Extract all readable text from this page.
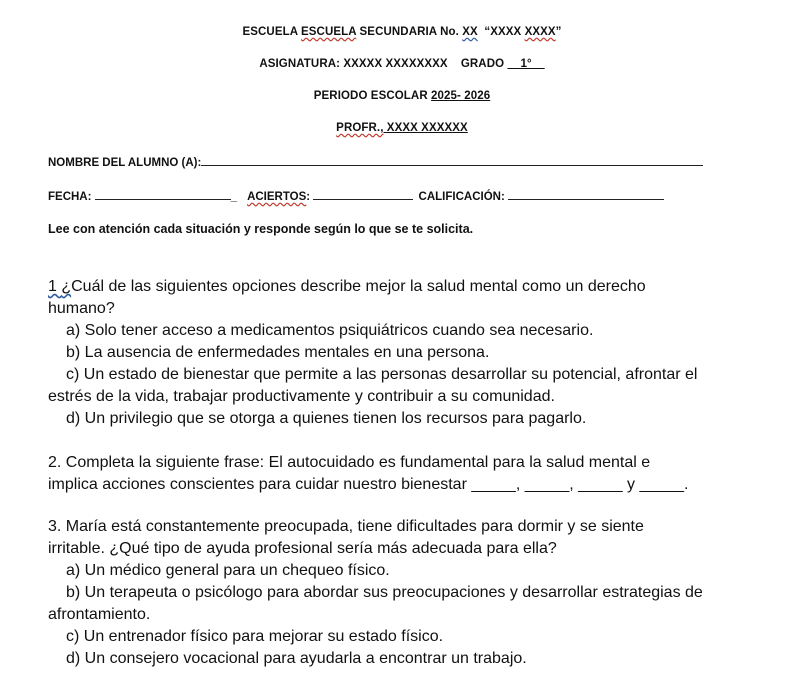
ESCUELA ESCUELA SECUNDARIA No. XX  “XXXX XXXX”
ASIGNATURA: XXXXX XXXXXXXX    GRADO __1°__
PERIODO ESCOLAR 2025- 2026
PROFR., XXXX XXXXXX
NOMBRE DEL ALUMNO (A):
FECHA:	_ ACIERTOS:	CALIFICACIÓN:
Lee con atención cada situación y responde según lo que se te solicita.
1 ¿Cuál de las siguientes opciones describe mejor la salud mental como un derecho
humano?
a) Solo tener acceso a medicamentos psiquiátricos cuando sea necesario.
b) La ausencia de enfermedades mentales en una persona.
c) Un estado de bienestar que permite a las personas desarrollar su potencial, afrontar el
estrés de la vida, trabajar productivamente y contribuir a su comunidad.
d) Un privilegio que se otorga a quienes tienen los recursos para pagarlo.
2. Completa la siguiente frase: El autocuidado es fundamental para la salud mental e
implica acciones conscientes para cuidar nuestro bienestar _____, _____, _____ y _____.
3. María está constantemente preocupada, tiene dificultades para dormir y se siente
irritable. ¿Qué tipo de ayuda profesional sería más adecuada para ella?
a) Un médico general para un chequeo físico.
b) Un terapeuta o psicólogo para abordar sus preocupaciones y desarrollar estrategias de
afrontamiento.
c) Un entrenador físico para mejorar su estado físico.
d) Un consejero vocacional para ayudarla a encontrar un trabajo.
